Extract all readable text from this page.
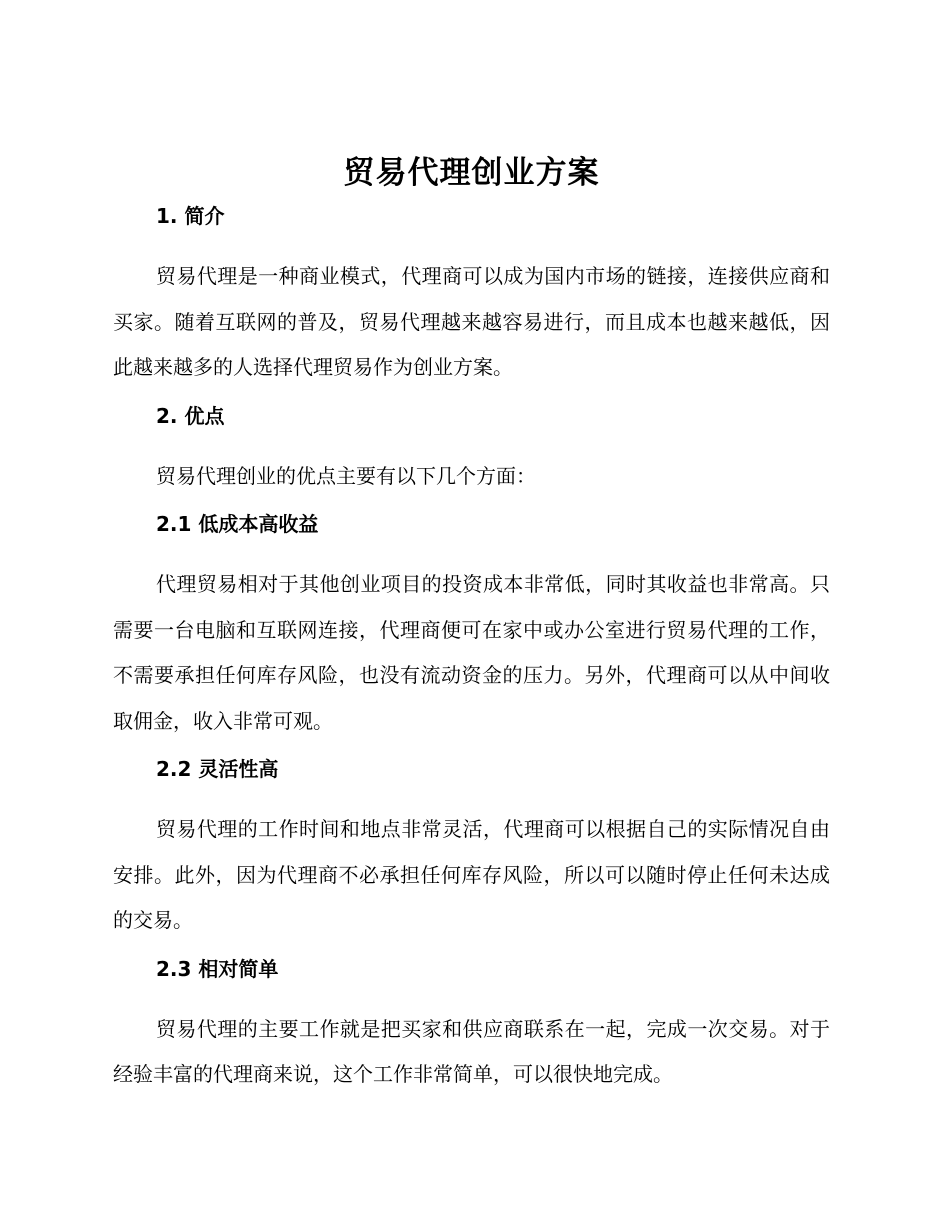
贸易代理创业方案
1. 简介

贸易代理是一种商业模式，代理商可以成为国内市场的链接，连接供应商和买家。随着互联网的普及，贸易代理越来越容易进行，而且成本也越来越低，因此越来越多的人选择代理贸易作为创业方案。

2. 优点

贸易代理创业的优点主要有以下几个方面：

2.1 低成本高收益

代理贸易相对于其他创业项目的投资成本非常低，同时其收益也非常高。只需要一台电脑和互联网连接，代理商便可在家中或办公室进行贸易代理的工作，不需要承担任何库存风险，也没有流动资金的压力。另外，代理商可以从中间收取佣金，收入非常可观。

2.2 灵活性高

贸易代理的工作时间和地点非常灵活，代理商可以根据自己的实际情况自由安排。此外，因为代理商不必承担任何库存风险，所以可以随时停止任何未达成的交易。

2.3 相对简单

贸易代理的主要工作就是把买家和供应商联系在一起，完成一次交易。对于经验丰富的代理商来说，这个工作非常简单，可以很快地完成。
